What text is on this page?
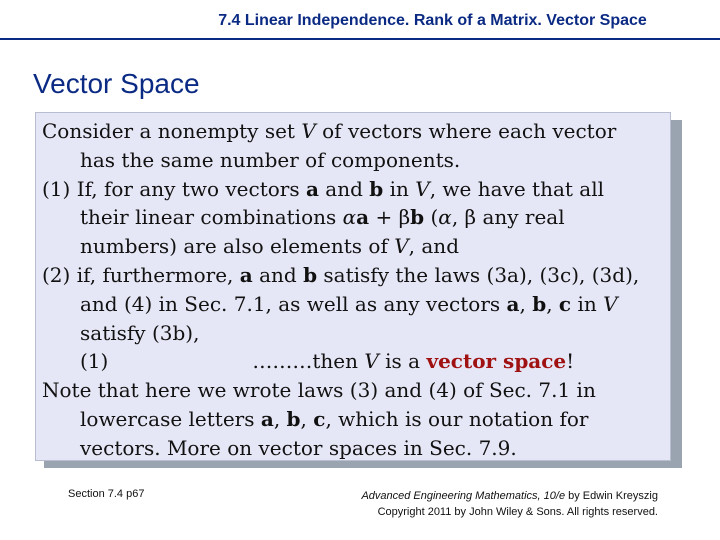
7.4 Linear Independence. Rank of a Matrix. Vector Space
Vector Space
Consider a nonempty set V of vectors where each vector
has the same number of components.
(1) If, for any two vectors a and b in V, we have that all
their linear combinations αa + βb (α, β any real
numbers) are also elements of V, and
(2) if, furthermore, a and b satisfy the laws (3a), (3c), (3d),
and (4) in Sec. 7.1, as well as any vectors a, b, c in V
satisfy (3b),
(1)	………then V is a vector space!
Note that here we wrote laws (3) and (4) of Sec. 7.1 in
lowercase letters a, b, c, which is our notation for
vectors. More on vector spaces in Sec. 7.9.
Section 7.4 p67	Advanced Engineering Mathematics, 10/e by Edwin Kreyszig
Copyright 2011 by John Wiley & Sons. All rights reserved.
